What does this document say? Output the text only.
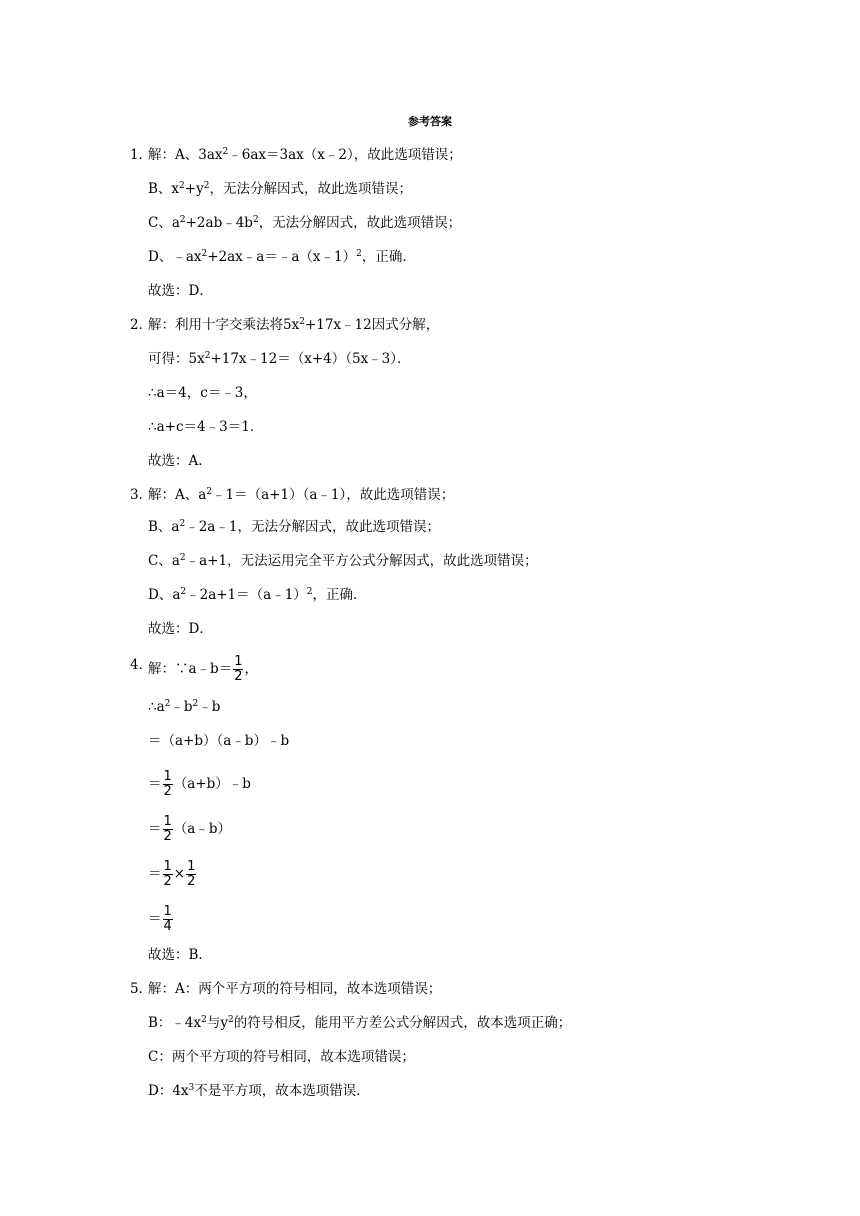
参考答案
1．
解：A、$3ax^2﹣6ax=3ax(x﹣2)$，故此选项错误；
B、$x^2+y^2$，无法分解因式，故此选项错误；
C、$a^2+2ab﹣4b^2$，无法分解因式，故此选项错误；
D、$﹣ax^2+2ax﹣a=﹣a(x﹣1)^2$，正确．
故选：D．
2．
解：利用十字交乘法将$5x^2+17x﹣12$因式分解，
可得：$5x^2+17x﹣12=(x+4)(5x﹣3)$．
∴a＝4，c＝﹣3，
∴a+c＝4﹣3＝1．
故选：A．
3．
解：A、$a^2﹣1=(a+1)(a﹣1)$，故此选项错误；
B、$a^2﹣2a﹣1$，无法分解因式，故此选项错误；
C、$a^2﹣a+1$，无法运用完全平方公式分解因式，故此选项错误；
D、$a^2﹣2a+1=(a﹣1)^2$，正确．
故选：D．
4．
解：∵a﹣b＝ $\frac{1}{2}$ ，
$\therefore a^2﹣b^2﹣b$
＝（a+b）（a﹣b）﹣b
＝ $\frac{1}{2}$ （a+b）﹣b
＝ $\frac{1}{2}$ （a﹣b）
＝ $\frac{1}{2} \times \frac{1}{2}$
＝ $\frac{1}{4}$
故选：B．
5．
解：A：两个平方项的符号相同，故本选项错误；
B：$﹣4x^2$与$y^2$的符号相反，能用平方差公式分解因式，故本选项正确；
C：两个平方项的符号相同，故本选项错误；
D：$4x^3$不是平方项，故本选项错误．
